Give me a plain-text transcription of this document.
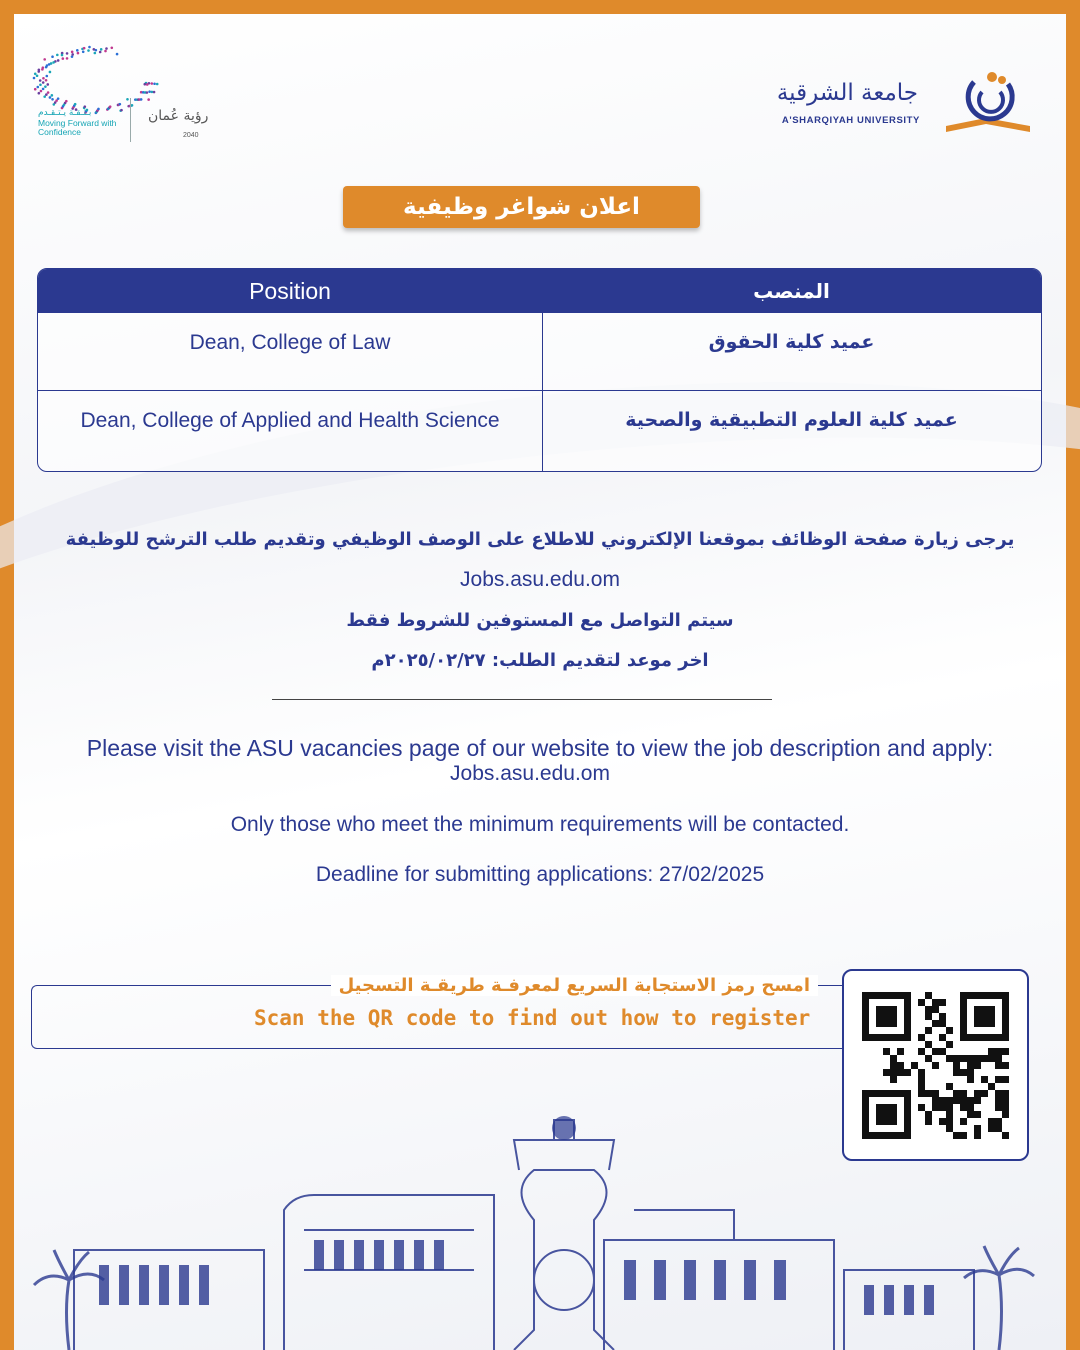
بـثـقـة يـتـقـدم
Moving Forward with Confidence
رؤية عُمان
2040
جامعة الشرقية
A'SHARQIYAH UNIVERSITY
اعلان شواغر وظيفية
Position	المنصب
Dean, College of Law	عميد كلية الحقوق
Dean, College of Applied and Health Science	عميد كلية العلوم التطبيقية والصحية
يرجى زيارة صفحة الوظائف بموقعنا الإلكتروني للاطلاع على الوصف الوظيفي وتقديم طلب الترشح للوظيفة
Jobs.asu.edu.om
سيتم التواصل مع المستوفين للشروط فقط
اخر موعد لتقديم الطلب: ٢٠٢٥/٠٢/٢٧م
Please visit the ASU vacancies page of our website to view the job description and apply:
Jobs.asu.edu.om
Only those who meet the minimum requirements will be contacted.
Deadline for submitting applications: 27/02/2025
امسح رمز الاستجابة السريع لمعرفـة طريقـة التسجيل
Scan the QR code to find out how to register
